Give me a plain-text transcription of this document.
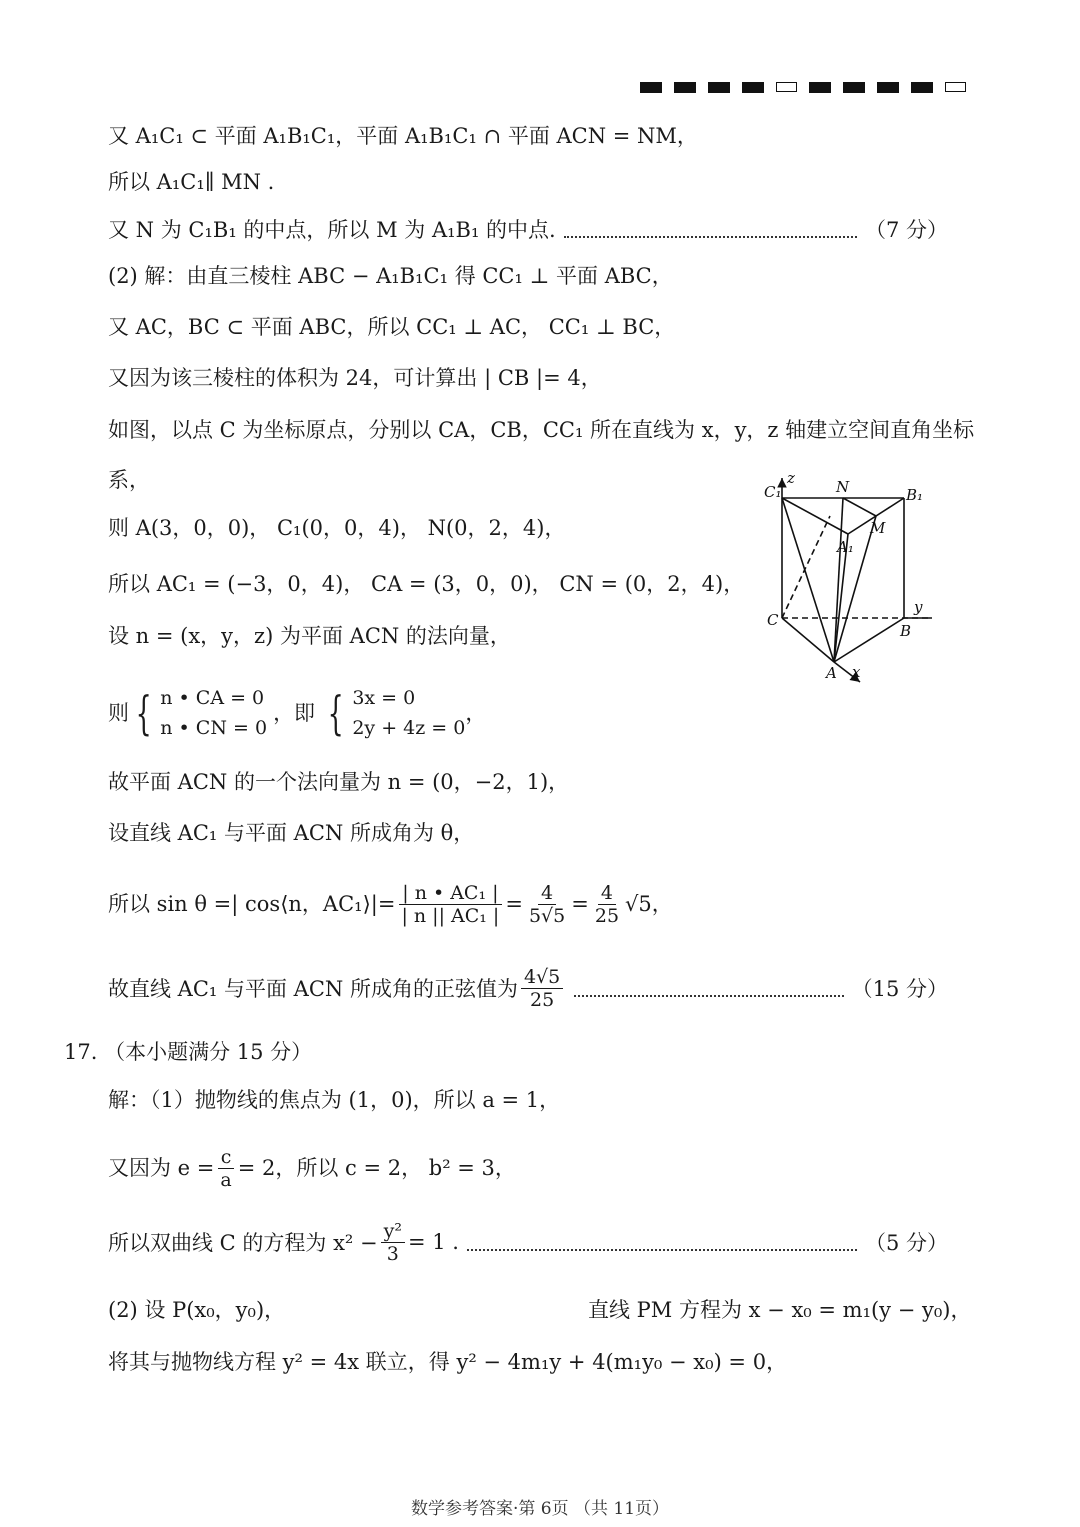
又 A₁C₁ ⊂ 平面 A₁B₁C₁，平面 A₁B₁C₁ ∩ 平面 ACN = NM，
所以 A₁C₁∥ MN .
又 N 为 C₁B₁ 的中点，所以 M 为 A₁B₁ 的中点.	（7 分）
(2) 解：由直三棱柱 ABC − A₁B₁C₁ 得 CC₁ ⊥ 平面 ABC，
又 AC，BC ⊂ 平面 ABC，所以 CC₁ ⊥ AC， CC₁ ⊥ BC，
又因为该三棱柱的体积为 24，可计算出 | CB |= 4，
如图，以点 C 为坐标原点，分别以 CA，CB，CC₁ 所在直线为 x，y，z 轴建立空间直角坐标
系，
则 A(3，0，0)， C₁(0，0，4)， N(0，2，4)，
所以 AC₁ = (−3，0，4)， CA = (3，0，0)， CN = (0，2，4)，
设 n = (x，y，z) 为平面 ACN 的法向量，
则 { n • CA = 0
n • CN = 0
，即 { 3x = 0
2y + 4z = 0
，
故平面 ACN 的一个法向量为 n = (0，−2，1)，
设直线 AC₁ 与平面 ACN 所成角为 θ，
所以 sin θ =| cos⟨n，AC₁⟩|= $\frac{\text{| n • AC₁ |}}{\text{| n || AC₁ |}} = \frac{4}{5√5} = \frac{4}{25} √5$，
故直线 AC₁ 与平面 ACN 所成角的正弦值为 $\frac{4√5}{25}$	（15 分）
17. （本小题满分 15 分）
解：（1）抛物线的焦点为 (1，0)，所以 a = 1，
又因为 $e = \frac{c}{a} = 2$，所以 c = 2， b² = 3，
所以双曲线 C 的方程为 $x^2 - \frac{\text{y²}}{3} = 1$ .	（5 分）
(2) 设 P(x₀，y₀)，	直线 PM 方程为 x − x₀ = m₁(y − y₀)，
将其与抛物线方程 y² = 4x 联立，得 y² − 4m₁y + 4(m₁y₀ − x₀) = 0，
C₁
z	N	B₁
M
A₁
C
y
B
A x
数学参考答案·第 6页 （共 11页）
